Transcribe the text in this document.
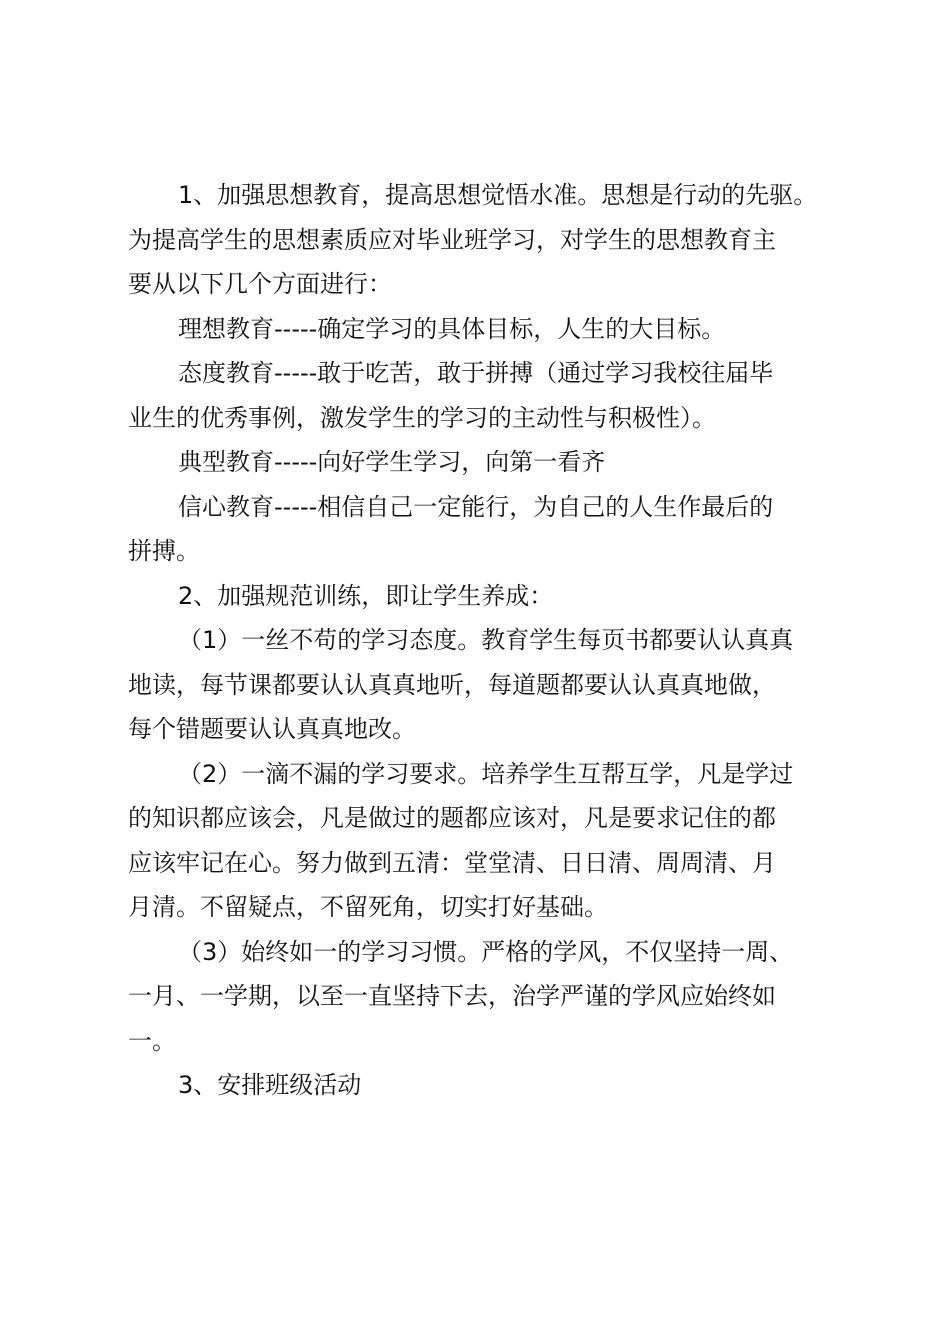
1、加强思想教育，提高思想觉悟水准。思想是行动的先驱。
为提高学生的思想素质应对毕业班学习，对学生的思想教育主
要从以下几个方面进行：

理想教育-----确定学习的具体目标，人生的大目标。

态度教育-----敢于吃苦，敢于拼搏（通过学习我校往届毕
业生的优秀事例，激发学生的学习的主动性与积极性）。

典型教育-----向好学生学习，向第一看齐

信心教育-----相信自己一定能行，为自己的人生作最后的
拼搏。

2、加强规范训练，即让学生养成：

（1）一丝不苟的学习态度。教育学生每页书都要认认真真
地读，每节课都要认认真真地听，每道题都要认认真真地做，
每个错题要认认真真地改。

（2）一滴不漏的学习要求。培养学生互帮互学，凡是学过
的知识都应该会，凡是做过的题都应该对，凡是要求记住的都
应该牢记在心。努力做到五清：堂堂清、日日清、周周清、月
月清。不留疑点，不留死角，切实打好基础。

（3）始终如一的学习习惯。严格的学风，不仅坚持一周、
一月、一学期，以至一直坚持下去，治学严谨的学风应始终如
一。

3、安排班级活动
